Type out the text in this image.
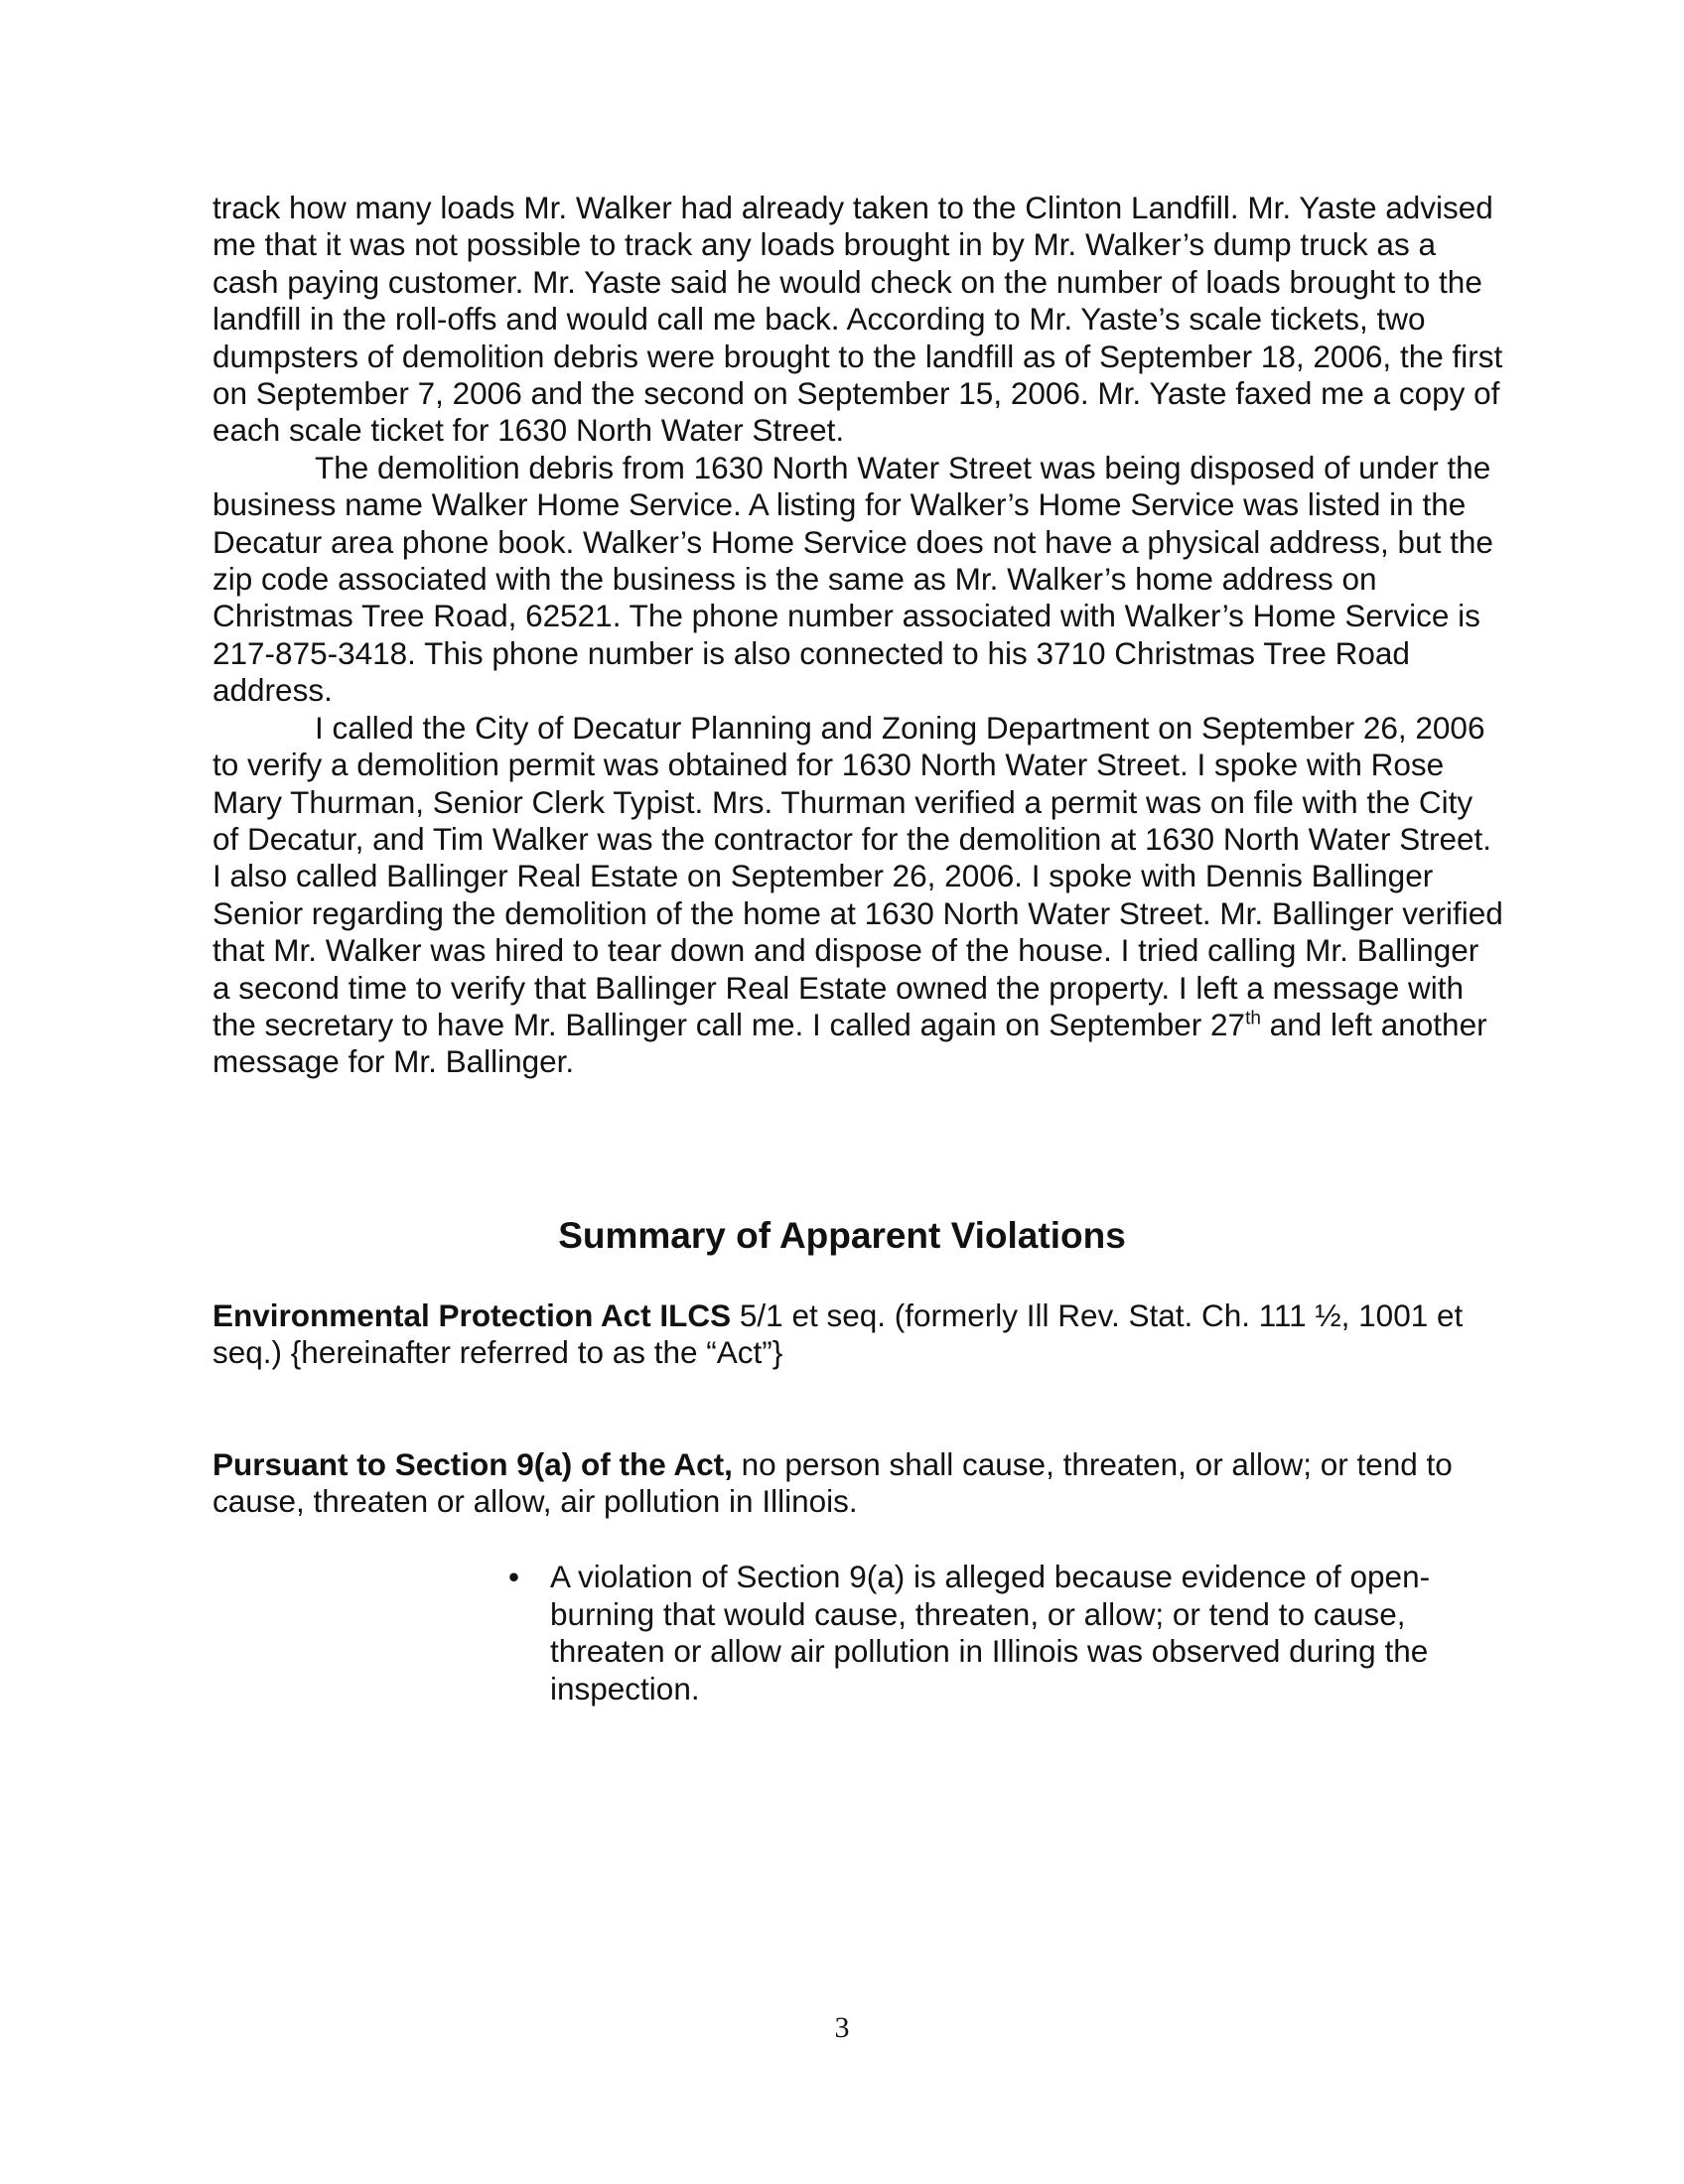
track how many loads Mr. Walker had already taken to the Clinton Landfill. Mr. Yaste advised me that it was not possible to track any loads brought in by Mr. Walker’s dump truck as a cash paying customer. Mr. Yaste said he would check on the number of loads brought to the landfill in the roll-offs and would call me back. According to Mr. Yaste’s scale tickets, two dumpsters of demolition debris were brought to the landfill as of September 18, 2006, the first on September 7, 2006 and the second on September 15, 2006. Mr. Yaste faxed me a copy of each scale ticket for 1630 North Water Street.

The demolition debris from 1630 North Water Street was being disposed of under the business name Walker Home Service. A listing for Walker’s Home Service was listed in the Decatur area phone book. Walker’s Home Service does not have a physical address, but the zip code associated with the business is the same as Mr. Walker’s home address on Christmas Tree Road, 62521. The phone number associated with Walker’s Home Service is 217-875-3418. This phone number is also connected to his 3710 Christmas Tree Road address.

I called the City of Decatur Planning and Zoning Department on September 26, 2006 to verify a demolition permit was obtained for 1630 North Water Street. I spoke with Rose Mary Thurman, Senior Clerk Typist. Mrs. Thurman verified a permit was on file with the City of Decatur, and Tim Walker was the contractor for the demolition at 1630 North Water Street. I also called Ballinger Real Estate on September 26, 2006. I spoke with Dennis Ballinger Senior regarding the demolition of the home at 1630 North Water Street. Mr. Ballinger verified that Mr. Walker was hired to tear down and dispose of the house. I tried calling Mr. Ballinger a second time to verify that Ballinger Real Estate owned the property. I left a message with the secretary to have Mr. Ballinger call me. I called again on September 27th and left another message for Mr. Ballinger.

Summary of Apparent Violations

Environmental Protection Act ILCS 5/1 et seq. (formerly Ill Rev. Stat. Ch. 111 ½, 1001 et seq.) {hereinafter referred to as the “Act”}

Pursuant to Section 9(a) of the Act, no person shall cause, threaten, or allow; or tend to cause, threaten or allow, air pollution in Illinois.

• A violation of Section 9(a) is alleged because evidence of open-burning that would cause, threaten, or allow; or tend to cause, threaten or allow air pollution in Illinois was observed during the inspection.
3
